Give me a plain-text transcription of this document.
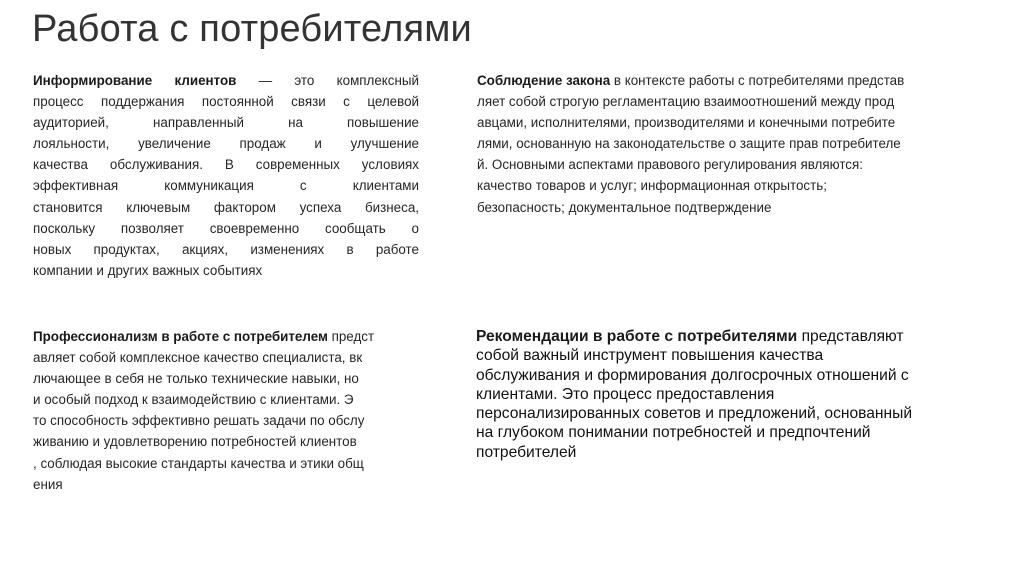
Работа с потребителями
Информирование клиентов — это комплексный
процесс поддержания постоянной связи с целевой
аудиторией, направленный на повышение
лояльности, увеличение продаж и улучшение
качества обслуживания. В современных условиях
эффективная коммуникация с клиентами
становится ключевым фактором успеха бизнеса,
поскольку позволяет своевременно сообщать о
новых продуктах, акциях, изменениях в работе
компании и других важных событиях
Соблюдение закона в контексте работы с потребителями представ
ляет собой строгую регламентацию взаимоотношений между прод
авцами, исполнителями, производителями и конечными потребите
лями, основанную на законодательстве о защите прав потребителе
й. Основными аспектами правового регулирования являются:
качество товаров и услуг; информационная открытость;
безопасность; документальное подтверждение
Профессионализм в работе с потребителем предст
авляет собой комплексное качество специалиста, вк
лючающее в себя не только технические навыки, но
и особый подход к взаимодействию с клиентами. Э
то способность эффективно решать задачи по обслу
живанию и удовлетворению потребностей клиентов
, соблюдая высокие стандарты качества и этики общ
ения
Рекомендации в работе с потребителями представляют
собой важный инструмент повышения качества
обслуживания и формирования долгосрочных отношений с
клиентами. Это процесс предоставления
персонализированных советов и предложений, основанный
на глубоком понимании потребностей и предпочтений
потребителей
